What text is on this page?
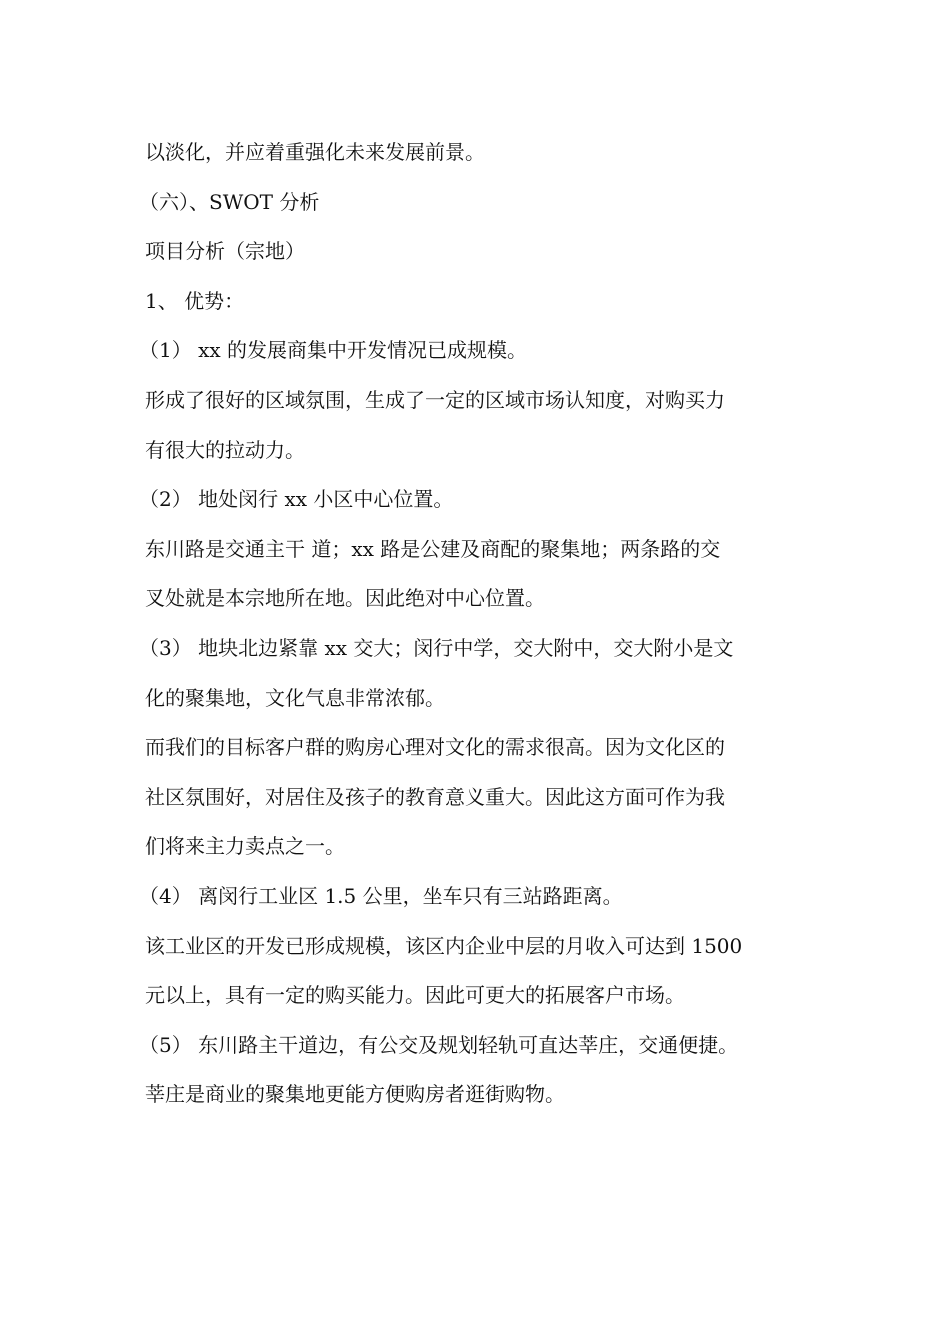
以淡化，并应着重强化未来发展前景。
（六）、SWOT 分析
项目分析（宗地）
1、 优势：
（1） xx 的发展商集中开发情况已成规模。
形成了很好的区域氛围，生成了一定的区域市场认知度，对购买力
有很大的拉动力。
（2） 地处闵行 xx 小区中心位置。
东川路是交通主干 道；xx 路是公建及商配的聚集地；两条路的交
叉处就是本宗地所在地。因此绝对中心位置。
（3） 地块北边紧靠 xx 交大；闵行中学，交大附中，交大附小是文
化的聚集地，文化气息非常浓郁。
而我们的目标客户群的购房心理对文化的需求很高。因为文化区的
社区氛围好，对居住及孩子的教育意义重大。因此这方面可作为我
们将来主力卖点之一。
（4） 离闵行工业区 1.5 公里，坐车只有三站路距离。
该工业区的开发已形成规模，该区内企业中层的月收入可达到 1500
元以上，具有一定的购买能力。因此可更大的拓展客户市场。
（5） 东川路主干道边，有公交及规划轻轨可直达莘庄，交通便捷。
莘庄是商业的聚集地更能方便购房者逛街购物。
